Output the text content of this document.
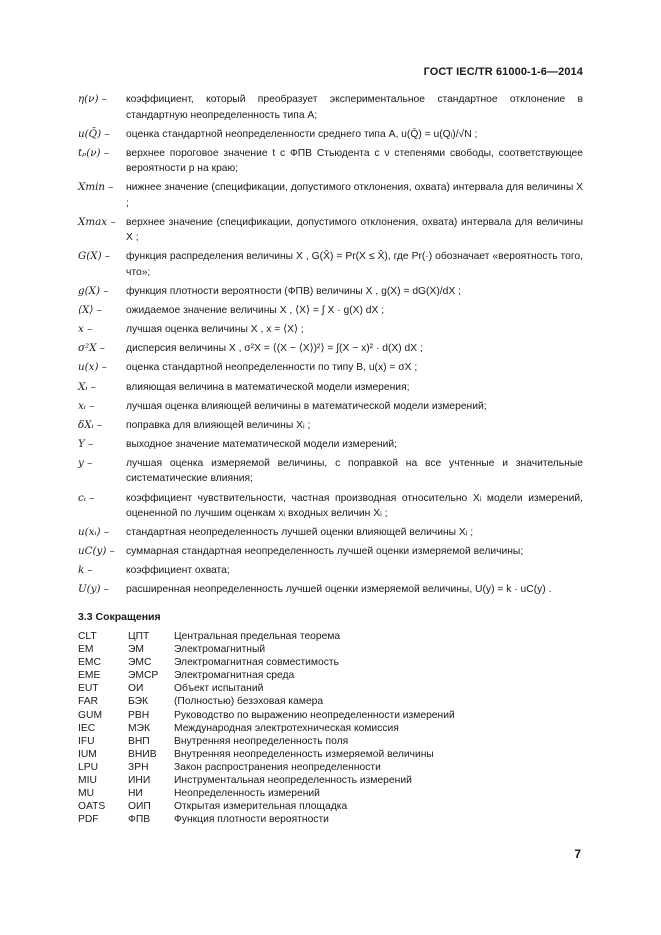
ГОСТ IEC/TR 61000-1-6—2014
η(ν) –	коэффициент, который преобразует экспериментальное стандартное отклонение в стандартную неопределенность типа А;
u(Q̄) –	оценка стандартной неопределенности среднего типа А, u(Q̄) = u(Qᵢ)/√N ;
tₚ(ν) –	верхнее пороговое значение t с ФПВ Стьюдента с ν степенями свободы, соответствующее вероятности p на краю;
Xmin –	нижнее значение (спецификации, допустимого отклонения, охвата) интервала для величины X ;
Xmax –	верхнее значение (спецификации, допустимого отклонения, охвата) интервала для величины X ;
G(X) –	функция распределения величины X , G(X̂) = Pr(X ≤ X̂), где Pr(·) обозначает «вероятность того, что»;
g(X) –	функция плотности вероятности (ФПВ) величины X , g(X) = dG(X)/dX ;
⟨X⟩ –	ожидаемое значение величины X , ⟨X⟩ = ∫ X · g(X) dX ;
x –	лучшая оценка величины X , x = ⟨X⟩ ;
σ²X –	дисперсия величины X , σ²X = ⟨(X − ⟨X⟩)²⟩ = ∫(X − x)² · d(X) dX ;
u(x) –	оценка стандартной неопределенности по типу В, u(x) = σX ;
Xᵢ –	влияющая величина в математической модели измерения;
xᵢ –	лучшая оценка влияющей величины в математической модели измерений;
δXᵢ –	поправка для влияющей величины Xᵢ ;
Y –	выходное значение математической модели измерений;
y –	лучшая оценка измеряемой величины, с поправкой на все учтенные и значительные систематические влияния;
cᵢ –	коэффициент чувствительности, частная производная относительно Xᵢ модели измерений, оцененной по лучшим оценкам xᵢ входных величин Xᵢ ;
u(xᵢ) –	стандартная неопределенность лучшей оценки влияющей величины Xᵢ ;
uC(y) –	суммарная стандартная неопределенность лучшей оценки измеряемой величины;
k –	коэффициент охвата;
U(y) –	расширенная неопределенность лучшей оценки измеряемой величины, U(y) = k · uC(y) .
3.3 Сокращения
CLT	ЦПТ	Центральная предельная теорема
EM	ЭМ	Электромагнитный
EMC	ЭМС	Электромагнитная совместимость
EME	ЭМСР	Электромагнитная среда
EUT	ОИ	Объект испытаний
FAR	БЭК	(Полностью) безэховая камера
GUM	РВН	Руководство по выражению неопределенности измерений
IEC	МЭК	Международная электротехническая комиссия
IFU	ВНП	Внутренняя неопределенность поля
IUM	ВНИВ	Внутренняя неопределенность измеряемой величины
LPU	ЗРН	Закон распространения неопределенности
MIU	ИНИ	Инструментальная неопределенность измерений
MU	НИ	Неопределенность измерений
OATS	ОИП	Открытая измерительная площадка
PDF	ФПВ	Функция плотности вероятности
7
